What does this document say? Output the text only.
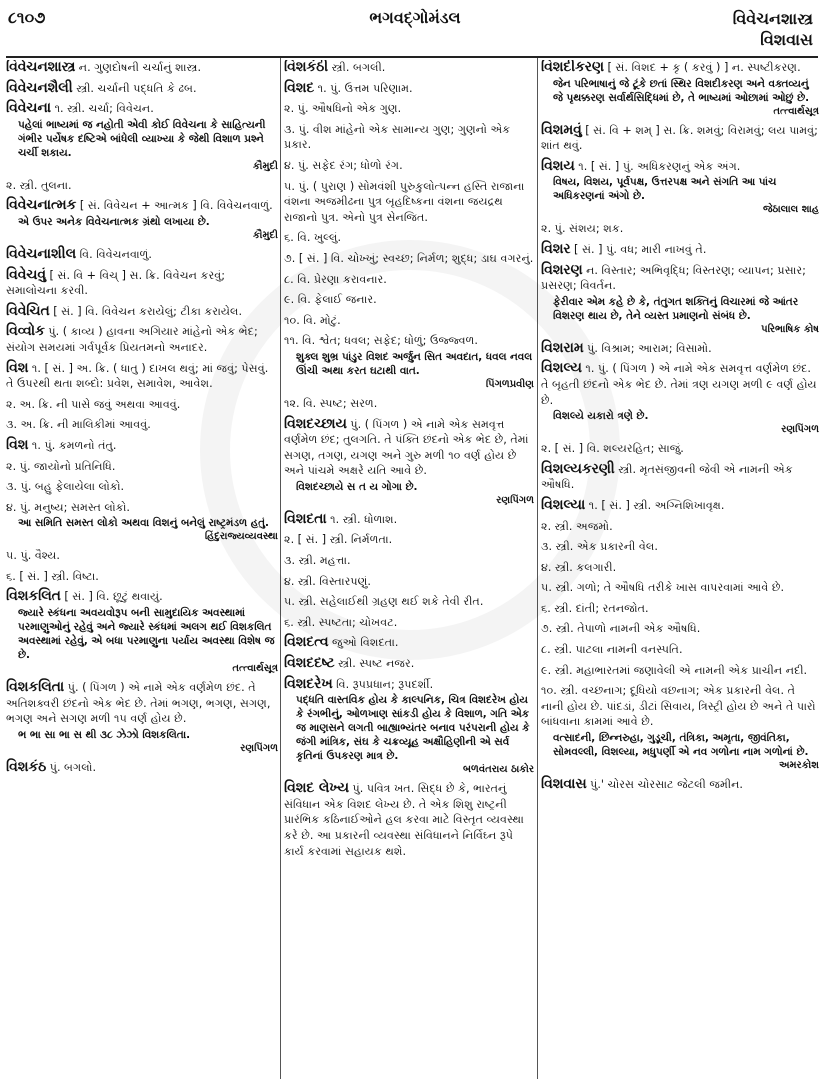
૮૧૦૭	ભગવદ્ગોમંડલ	વિવેચનશાસ્ત્ર
વિશવાસ
વિવેચનશાસ્ત્ર ન. ગુણદોષની ચર્ચાનું શાસ્ત્ર.
વિવેચનશૈલી સ્ત્રી. ચર્ચાની પદ્ધતિ કે ઢબ.
વિવેચના ૧. સ્ત્રી. ચર્ચા; વિવેચન.
પહેલાં ભાષ્યમાં જ નહોતી એવી કોઈ વિવેચના કે સાહિત્યની ગંભીર પર્યેષક દષ્ટિએ બાંધેલી વ્યાખ્યા કે જેથી વિશાળ પ્રશ્ને ચર્ચી શકાય.
કૌમુદી
૨. સ્ત્રી. તુલના.
વિવેચનાત્મક [ સં. વિવેચન + આત્મક ] વિ. વિવેચનવાળું.
એ ઉપર અનેક વિવેચનાત્મક ગ્રંથો લખાયા છે.
કૌમુદી
વિવેચનાશીલ વિ. વિવેચનવાળું.
વિવેચવું [ સં. વિ + વિચ્ ] સ. ક્રિ. વિવેચન કરવું; સમાલોચના કરવી.
વિવેચિત [ સં. ] વિ. વિવેચન કરાયેલું; ટીકા કરાયેલ.
વિવ્વોક પું. ( કાવ્ય ) હાવના અગિયાર માંહેનો એક ભેદ; સંયોગ સમયમાં ગર્વપૂર્વક પ્રિયતમનો અનાદર.
વિશ ૧. [ સં. ] અ. ક્રિ. ( ધાતુ ) દાખલ થવું; માં જવું; પેસવું. તે ઉપરથી થતા શબ્દો: પ્રવેશ, સમાવેશ, આવેશ.
૨. અ. ક્રિ. ની પાસે જવું અથવા આવવું.
૩. અ. ક્રિ. ની માલિકીમાં આવવું.
વિશ ૧. પું. કમળનો તંતુ.
૨. પું. જાયોનો પ્રતિનિધિ.
૩. પું. બહુ ફેલાયેલા લોકો.
૪. પું. મનુષ્ય; સમસ્ત લોકો.
આ સમિતિ સમસ્ત લોકો અથવા વિશનું બનેલું રાષ્ટ્રમંડળ હતું.
હિંદુરાજ્યવ્યવસ્થા
૫. પું. વૈશ્ય.
૬. [ સં. ] સ્ત્રી. વિષ્ટા.
વિશકલિત [ સં. ] વિ. છૂટું થવાયું.
જ્યારે સ્કંધના અવયવોરૂપ બની સામુદાયિક અવસ્થામાં પરમાણુઓનું રહેવું અને જ્યારે સ્કંધમાં અલગ થઈ વિશકલિત અવસ્થામાં રહેવું, એ બધા પરમાણુના પર્યાય અવસ્થા વિશેષ જ છે.
તત્ત્વાર્થસૂત્ર
વિશકલિતા પું. ( પિંગળ ) એ નામે એક વર્ણમેળ છંદ. તે અતિશક્વરી છંદનો એક ભેદ છે. તેમાં ભગણ, ભગણ, સગણ, ભગણ અને સગણ મળી ૧૫ વર્ણ હોય છે.
ભ ભા સા ભા સ થી ૩૮ ઝેઝો વિશકલિતા.
રણપિંગળ
વિશકંઠ પું. બગલો.
વિશકંઠી સ્ત્રી. બગલી.
વિશદ ૧. પું. ઉત્તમ પરિણામ.
૨. પું. ઔષધિનો એક ગુણ.
૩. પું. વીશ માંહેનો એક સામાન્ય ગુણ; ગુણનો એક પ્રકાર.
૪. પું. સફેદ રંગ; ધોળો રંગ.
૫. પું. ( પુરાણ ) સોમવંશી પુરુકુલોત્પન્ન હસ્તિ રાજાના વંશના અજમીઢના પુત્ર બૃહદિષ્કના વંશના જયદ્રથ રાજાનો પુત્ર. એનો પુત્ર સેનજિત.
૬. વિ. ખુલ્લું.
૭. [ સં. ] વિ. ચોખ્ખું; સ્વચ્છ; નિર્મળ; શુદ્ધ; ડાઘ વગરનું.
૮. વિ. પ્રેરણા કરાવનાર.
૯. વિ. ફેલાઈ જનાર.
૧૦. વિ. મોટું.
૧૧. વિ. શ્વેત; ધવલ; સફેદ; ધોળું; ઉજ્જ્વળ.
શુક્લ શુભ્ર પાંડુર વિશદ અર્જુન સિત અવદાત, ધવલ નવલ ઊંચી અથા કરત ઘટાથી વાત.
પિંગળપ્રવીણ
૧૨. વિ. સ્પષ્ટ; સરળ.
વિશદચ્છાય પું. ( પિંગળ ) એ નામે એક સમવૃત્ત વર્ણમેળ છંદ; તુલગતિ. તે પંક્તિ છંદનો એક ભેદ છે, તેમાં સગણ, તગણ, યગણ અને ગુરુ મળી ૧૦ વર્ણ હોય છે અને પાંચમે અક્ષરે યતિ આવે છે.
વિશદચ્છાયે સ ત ય ગોગા છે.
રણપિંગળ
વિશદતા ૧. સ્ત્રી. ધોળાશ.
૨. [ સં. ] સ્ત્રી. નિર્મળતા.
૩. સ્ત્રી. મહત્તા.
૪. સ્ત્રી. વિસ્તારપણું.
૫. સ્ત્રી. સહેલાઈથી ગ્રહણ થઈ શકે તેવી રીત.
૬. સ્ત્રી. સ્પષ્ટતા; ચોખવટ.
વિશદત્વ જુઓ વિશદતા.
વિશદદષ્ટ સ્ત્રી. સ્પષ્ટ નજર.
વિશદરેખ વિ. રૂપપ્રધાન; રૂપદર્શી.
પદ્ધતિ વાસ્તવિક હોય કે કાલ્પનિક, ચિત્ર વિશદરેખ હોય કે રંગભીનું, ઓળખાણ સાંકડી હોય કે વિશાળ, ગતિ એક જ માણસને લગતી બાહ્યાભ્યંતર બનાવ પરંપરાની હોય કે જંગી માંત્રિક, સંઘ કે ચક્રવ્યૂહ અક્ષૌહિણીની એ સર્વ કૃતિનાં ઉપકરણ માત્ર છે.
બળવંતરાય ઠાકોર
વિશદ લેખ્ય પું. પવિત્ર ખત. સિદ્ધ છે કે, ભારતનું સંવિધાન એક વિશદ લેખ્ય છે. તે એક શિશુ રાષ્ટ્રની પ્રારંભિક કઠિનાઈઓને હલ કરવા માટે વિસ્તૃત વ્યવસ્થા કરે છે. આ પ્રકારની વ્યવસ્થા સંવિધાનને નિર્વિઘ્ન રૂપે કાર્ય કરવામાં સહાયક થશે.
વિશદીકરણ [ સં. વિશદ + કૃ ( કરવું ) ] ન. સ્પષ્ટીકરણ.
જેન પરિભાષાનું જે ટૂંકે છતાં સ્થિર વિશદીકરણ અને વક્તવ્યનું જે પૃથક્કરણ સર્વાર્થસિદ્ધિમાં છે, તે ભાષ્યમાં ઓછામાં ઓછું છે.
તત્ત્વાર્થસૂત્ર
વિશમવું [ સં. વિ + શમ્ ] સ. ક્રિ. શમવું; વિરામવું; લય પામવું; શાંત થવું.
વિશય ૧. [ સં. ] પું. અધિકરણનું એક અંગ.
વિષય, વિશય, પૂર્વપક્ષ, ઉત્તરપક્ષ અને સંગતિ આ પાંચ અધિકરણનાં અંગો છે.
જેઠાલાલ શાહ
૨. પું. સંશય; શક.
વિશર [ સં. ] પું. વધ; મારી નાખવું તે.
વિશરણ ન. વિસ્તાર; અભિવૃદ્ધિ; વિસ્તરણ; વ્યાપન; પ્રસાર; પ્રસરણ; વિવર્તન.
ફેરીવાર એમ કહે છે કે, તંતુગત શક્તિનું વિચારમાં જે આંતર વિશરણ થાય છે, તેને વ્યસ્ત પ્રમાણનો સંબંધ છે.
પરિભાષિક કોષ
વિશરામ પું. વિશ્રામ; આરામ; વિસામો.
વિશલ્ય ૧. પું. ( પિંગળ ) એ નામે એક સમવૃત્ત વર્ણમેળ છંદ. તે બૃહતી છંદનો એક ભેદ છે. તેમાં ત્રણ યગણ મળી ૯ વર્ણ હોય છે.
વિશલ્યે યકારો ત્રણે છે.
રણપિંગળ
૨. [ સં. ] વિ. શલ્યરહિત; સાજું.
વિશલ્યકરણી સ્ત્રી. મૃતસંજીવની જેવી એ નામની એક ઔષધિ.
વિશલ્યા ૧. [ સં. ] સ્ત્રી. અગ્નિશિખાવૃક્ષ.
૨. સ્ત્રી. અજમો.
૩. સ્ત્રી. એક પ્રકારની વેલ.
૪. સ્ત્રી. કલગારી.
૫. સ્ત્રી. ગળો; તે ઔષધિ તરીકે ખાસ વાપરવામાં આવે છે.
૬. સ્ત્રી. દાંતી; રતનજોત.
૭. સ્ત્રી. તેપાળો નામની એક ઔષધિ.
૮. સ્ત્રી. પાટલા નામની વનસ્પતિ.
૯. સ્ત્રી. મહાભારતમાં જણાવેલી એ નામની એક પ્રાચીન નદી.
૧૦. સ્ત્રી. વચ્છનાગ; દૂધિયો વછનાગ; એક પ્રકારની વેલ. તે નાની હોય છે. પાંદડાં, ડીટાં સિવાય, ત્રિસ્ટ્રી હોય છે અને તે પારો બાંધવાના કામમાં આવે છે.
વત્સાદની, છિન્નરુહા, ગુડૂચી, તંત્રિકા, અમૃતા, જીવંતિકા, સોમવલ્લી, વિશલ્યા, મધુપર્ણી એ નવ ગળોના નામ ગળોનાં છે.
અમરકોશ
વિશવાસ પું.' ચોરસ ચોરસાટ જેટલી જમીન.
